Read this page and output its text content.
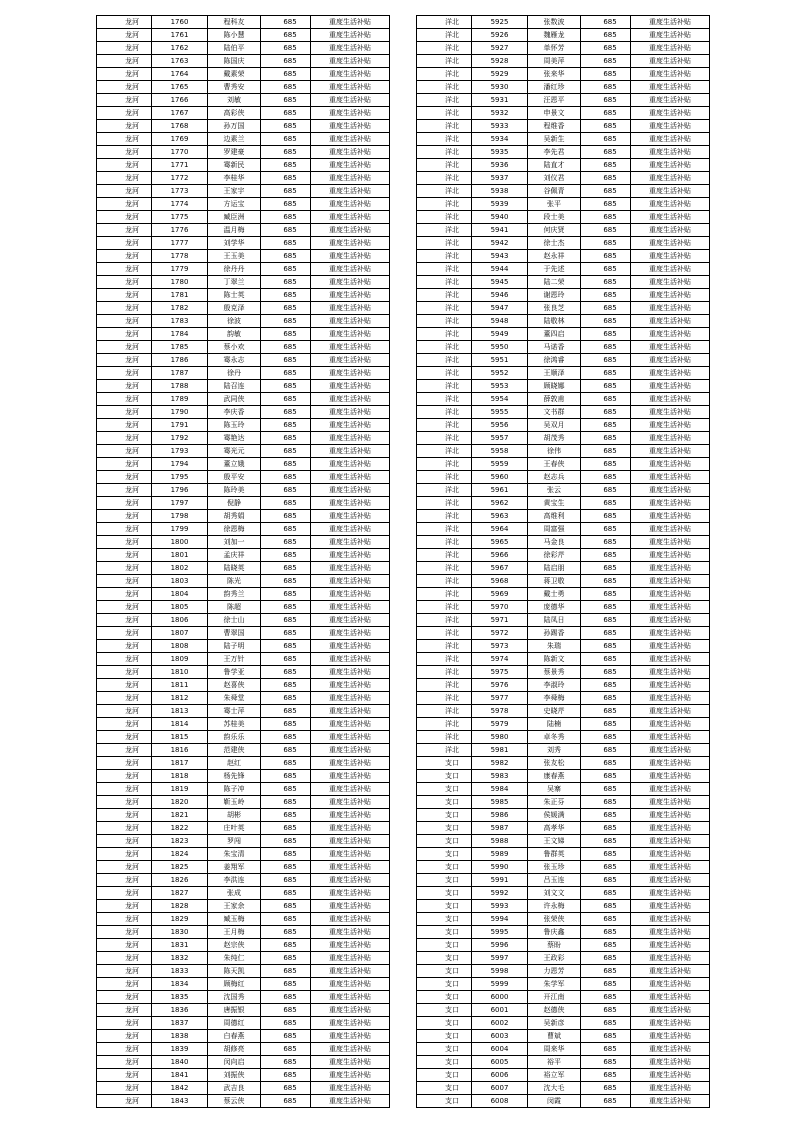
龙河	1760	程科友	685	重度生活补贴
龙河	1761	陈小慧	685	重度生活补贴
龙河	1762	陆伯平	685	重度生活补贴
龙河	1763	陈国庆	685	重度生活补贴
龙河	1764	戴素荣	685	重度生活补贴
龙河	1765	曹秀安	685	重度生活补贴
龙河	1766	刘敏	685	重度生活补贴
龙河	1767	高彩侠	685	重度生活补贴
龙河	1768	孙万国	685	重度生活补贴
龙河	1769	边素兰	685	重度生活补贴
龙河	1770	罗建豪	685	重度生活补贴
龙河	1771	骞新民	685	重度生活补贴
龙河	1772	李桂华	685	重度生活补贴
龙河	1773	王家宇	685	重度生活补贴
龙河	1774	方运宝	685	重度生活补贴
龙河	1775	臧臣洲	685	重度生活补贴
龙河	1776	温月梅	685	重度生活补贴
龙河	1777	刘学华	685	重度生活补贴
龙河	1778	王玉美	685	重度生活补贴
龙河	1779	徐丹丹	685	重度生活补贴
龙河	1780	丁翠兰	685	重度生活补贴
龙河	1781	陈士英	685	重度生活补贴
龙河	1782	殷克泽	685	重度生活补贴
龙河	1783	徐波	685	重度生活补贴
龙河	1784	韵敏	685	重度生活补贴
龙河	1785	蔡小欢	685	重度生活补贴
龙河	1786	骞永志	685	重度生活补贴
龙河	1787	徐丹	685	重度生活补贴
龙河	1788	陆召连	685	重度生活补贴
龙河	1789	武同侠	685	重度生活补贴
龙河	1790	李庆香	685	重度生活补贴
龙河	1791	陈玉玲	685	重度生活补贴
龙河	1792	骞艳达	685	重度生活补贴
龙河	1793	骞光元	685	重度生活补贴
龙河	1794	董立娥	685	重度生活补贴
龙河	1795	殷平安	685	重度生活补贴
龙河	1796	陈玲美	685	重度生活补贴
龙河	1797	倪静	685	重度生活补贴
龙河	1798	胡秀娟	685	重度生活补贴
龙河	1799	徐恩梅	685	重度生活补贴
龙河	1800	刘加一	685	重度生活补贴
龙河	1801	孟庆祥	685	重度生活补贴
龙河	1802	陆晓英	685	重度生活补贴
龙河	1803	陈光	685	重度生活补贴
龙河	1804	韵秀兰	685	重度生活补贴
龙河	1805	陈超	685	重度生活补贴
龙河	1806	徐士山	685	重度生活补贴
龙河	1807	曹翠国	685	重度生活补贴
龙河	1808	陆子明	685	重度生活补贴
龙河	1809	王万针	685	重度生活补贴
龙河	1810	鲁学亚	685	重度生活补贴
龙河	1811	赵喜侠	685	重度生活补贴
龙河	1812	朱舜堂	685	重度生活补贴
龙河	1813	骞士萍	685	重度生活补贴
龙河	1814	苏桂美	685	重度生活补贴
龙河	1815	韵乐乐	685	重度生活补贴
龙河	1816	范建侠	685	重度生活补贴
龙河	1817	赵红	685	重度生活补贴
龙河	1818	杨先锋	685	重度生活补贴
龙河	1819	陈子冲	685	重度生活补贴
龙河	1820	靳玉岭	685	重度生活补贴
龙河	1821	胡彬	685	重度生活补贴
龙河	1822	庄叶英	685	重度生活补贴
龙河	1823	罗闯	685	重度生活补贴
龙河	1824	朱宝清	685	重度生活补贴
龙河	1825	姜翔军	685	重度生活补贴
龙河	1826	李洪连	685	重度生活补贴
龙河	1827	张成	685	重度生活补贴
龙河	1828	王家余	685	重度生活补贴
龙河	1829	臧玉梅	685	重度生活补贴
龙河	1830	王月梅	685	重度生活补贴
龙河	1831	赵宗侠	685	重度生活补贴
龙河	1832	朱纯仁	685	重度生活补贴
龙河	1833	陈天凯	685	重度生活补贴
龙河	1834	顾梅红	685	重度生活补贴
龙河	1835	沈国秀	685	重度生活补贴
龙河	1836	唐振银	685	重度生活补贴
龙河	1837	周德红	685	重度生活补贴
龙河	1838	白春燕	685	重度生活补贴
龙河	1839	胡修亮	685	重度生活补贴
龙河	1840	闵向启	685	重度生活补贴
龙河	1841	刘振侠	685	重度生活补贴
龙河	1842	武吉良	685	重度生活补贴
龙河	1843	蔡云侠	685	重度生活补贴
洋北	5925	张数波	685	重度生活补贴
洋北	5926	魏雁龙	685	重度生活补贴
洋北	5927	单怀芳	685	重度生活补贴
洋北	5928	周美萍	685	重度生活补贴
洋北	5929	张来华	685	重度生活补贴
洋北	5930	潘红珍	685	重度生活补贴
洋北	5931	汪恩平	685	重度生活补贴
洋北	5932	申景文	685	重度生活补贴
洋北	5933	程维香	685	重度生活补贴
洋北	5934	吴新生	685	重度生活补贴
洋北	5935	李先君	685	重度生活补贴
洋北	5936	陆直才	685	重度生活补贴
洋北	5937	刘仪君	685	重度生活补贴
洋北	5938	谷佩青	685	重度生活补贴
洋北	5939	张平	685	重度生活补贴
洋北	5940	段士美	685	重度生活补贴
洋北	5941	何庆贤	685	重度生活补贴
洋北	5942	徐士杰	685	重度生活补贴
洋北	5943	赵永祥	685	重度生活补贴
洋北	5944	于先述	685	重度生活补贴
洋北	5945	陆二荣	685	重度生活补贴
洋北	5946	谢恩玲	685	重度生活补贴
洋北	5947	张良芝	685	重度生活补贴
洋北	5948	陆敬林	685	重度生活补贴
洋北	5949	董四启	685	重度生活补贴
洋北	5950	马诺香	685	重度生活补贴
洋北	5951	徐鸿睿	685	重度生活补贴
洋北	5952	王顺泽	685	重度生活补贴
洋北	5953	顾晓娜	685	重度生活补贴
洋北	5954	薛敦甫	685	重度生活补贴
洋北	5955	文书群	685	重度生活补贴
洋北	5956	吴双月	685	重度生活补贴
洋北	5957	胡茂秀	685	重度生活补贴
洋北	5958	徐伟	685	重度生活补贴
洋北	5959	王春侠	685	重度生活补贴
洋北	5960	赵志兵	685	重度生活补贴
洋北	5961	张云	685	重度生活补贴
洋北	5962	黄宝生	685	重度生活补贴
洋北	5963	高维利	685	重度生活补贴
洋北	5964	周富强	685	重度生活补贴
洋北	5965	马金良	685	重度生活补贴
洋北	5966	徐彩芹	685	重度生活补贴
洋北	5967	陆启朋	685	重度生活补贴
洋北	5968	蒋卫敬	685	重度生活补贴
洋北	5969	戴士勇	685	重度生活补贴
洋北	5970	庞德华	685	重度生活补贴
洋北	5971	陆凤日	685	重度生活补贴
洋北	5972	孙踢香	685	重度生活补贴
洋北	5973	朱瑞	685	重度生活补贴
洋北	5974	陈新文	685	重度生活补贴
洋北	5975	蔡景秀	685	重度生活补贴
洋北	5976	李淑玲	685	重度生活补贴
洋北	5977	李舜梅	685	重度生活补贴
洋北	5978	史晓芹	685	重度生活补贴
洋北	5979	陆楠	685	重度生活补贴
洋北	5980	卓冬秀	685	重度生活补贴
洋北	5981	刘秀	685	重度生活补贴
支口	5982	张友松	685	重度生活补贴
支口	5983	康春燕	685	重度生活补贴
支口	5984	吴寨	685	重度生活补贴
支口	5985	朱正芬	685	重度生活补贴
支口	5986	侯媛满	685	重度生活补贴
支口	5987	高孝华	685	重度生活补贴
支口	5988	王文娣	685	重度生活补贴
支口	5989	鲁群英	685	重度生活补贴
支口	5990	张玉珍	685	重度生活补贴
支口	5991	吕玉连	685	重度生活补贴
支口	5992	刘文文	685	重度生活补贴
支口	5993	许永梅	685	重度生活补贴
支口	5994	张荣侠	685	重度生活补贴
支口	5995	鲁庆鑫	685	重度生活补贴
支口	5996	蔡盼	685	重度生活补贴
支口	5997	王政彩	685	重度生活补贴
支口	5998	力恩芳	685	重度生活补贴
支口	5999	朱学军	685	重度生活补贴
支口	6000	开江南	685	重度生活补贴
支口	6001	赵德侠	685	重度生活补贴
支口	6002	吴新彦	685	重度生活补贴
支口	6003	曹斌	685	重度生活补贴
支口	6004	周来华	685	重度生活补贴
支口	6005	裕平	685	重度生活补贴
支口	6006	裕立军	685	重度生活补贴
支口	6007	沈大毛	685	重度生活补贴
支口	6008	闵霞	685	重度生活补贴
